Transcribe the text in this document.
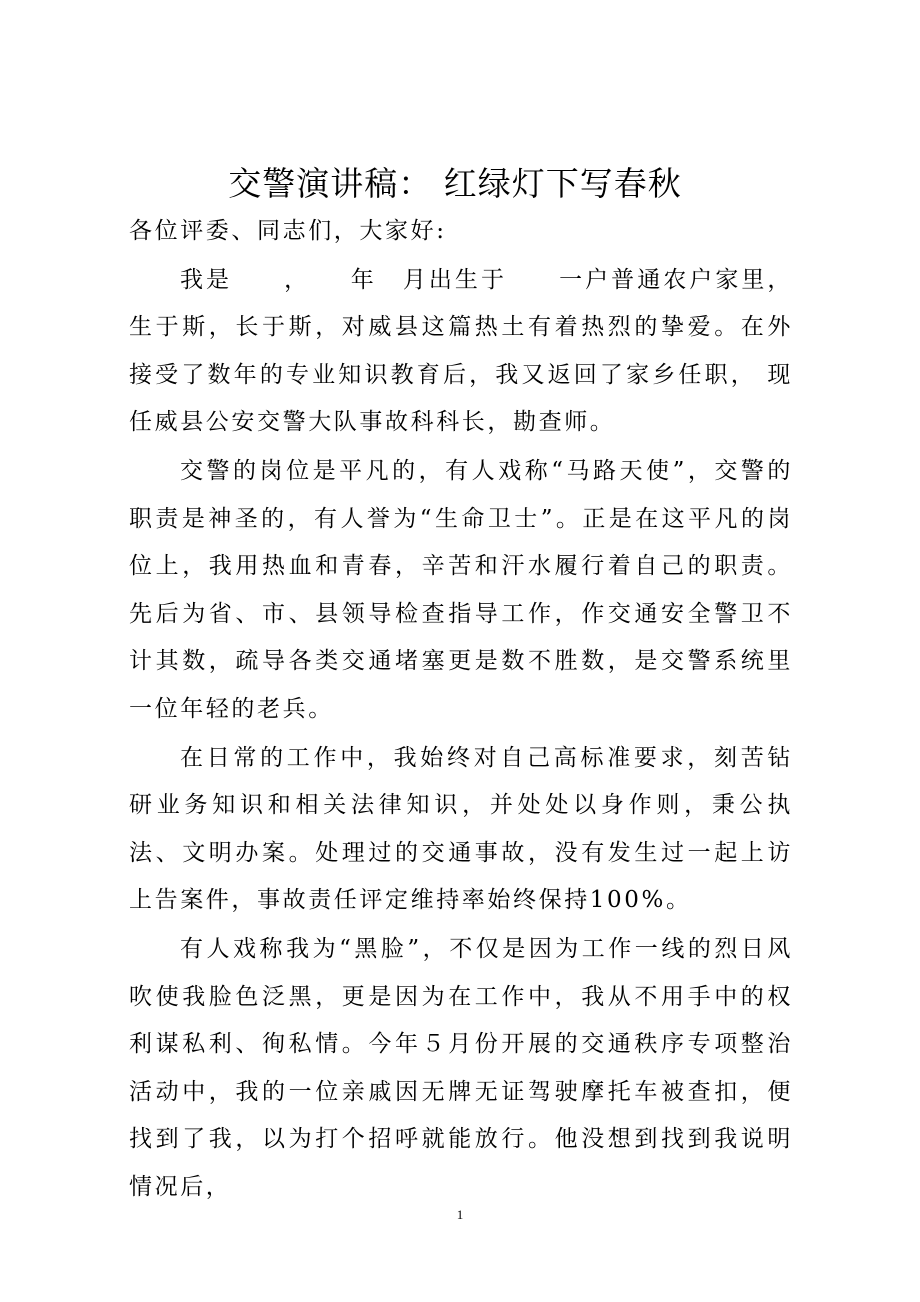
交警演讲稿： 红绿灯下写春秋

各位评委、同志们，大家好:

我是　　，　　年　月出生于　　一户普通农户家里，生于斯，长于斯，对威县这篇热土有着热烈的挚爱。在外接受了数年的专业知识教育后，我又返回了家乡任职， 现任威县公安交警大队事故科科长，勘查师。

交警的岗位是平凡的，有人戏称“马路天使”，交警的职责是神圣的，有人誉为“生命卫士”。正是在这平凡的岗位上，我用热血和青春，辛苦和汗水履行着自己的职责。先后为省、市、县领导检查指导工作，作交通安全警卫不计其数，疏导各类交通堵塞更是数不胜数，是交警系统里一位年轻的老兵。

在日常的工作中，我始终对自己高标准要求，刻苦钻研业务知识和相关法律知识，并处处以身作则，秉公执法、文明办案。处理过的交通事故，没有发生过一起上访上告案件，事故责任评定维持率始终保持100%。

有人戏称我为“黑脸”，不仅是因为工作一线的烈日风吹使我脸色泛黑，更是因为在工作中，我从不用手中的权利谋私利、徇私情。今年５月份开展的交通秩序专项整治活动中，我的一位亲戚因无牌无证驾驶摩托车被查扣，便找到了我，以为打个招呼就能放行。他没想到找到我说明情况后，

1
